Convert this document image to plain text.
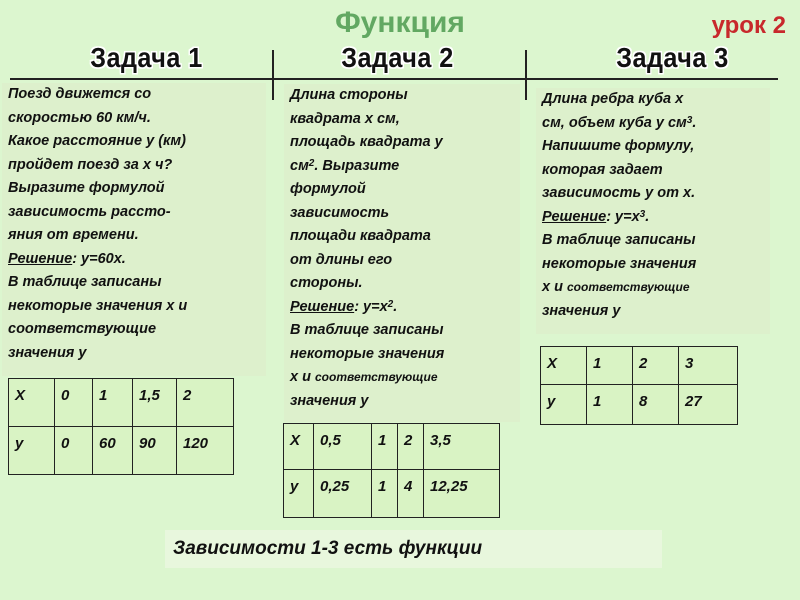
Функция	урок 2
Задача 1	Задача 2	Задача 3

Поезд движется со

скоростью 60 км/ч.

Какое расстояние у (км)

пройдет поезд за х ч?

Выразите формулой

зависимость рассто-

яния от времени.

Решение: у=60х.

В таблице записаны

некоторые значения х и

соответствующие

значения у

Х	0	1	1,5	2
у	0	60	90	120

Длина стороны

квадрата х см,

площадь квадрата у

$см^2$. Выразите

формулой

зависимость

площади квадрата

от длины его

стороны.

Решение: $у=х^2$.

В таблице записаны

некоторые значения

х и соответствующие

значения у

Х	0,5	1	2	3,5
у	0,25	1	4	12,25

Длина ребра куба х

см, объем куба у $см^3$.

Напишите формулу,

которая задает

зависимость у от х.

Решение: $у=х^3$.

В таблице записаны

некоторые значения

х и соответствующие

значения у

Х	1	2	3
у	1	8	27
Зависимости 1-3 есть функции
